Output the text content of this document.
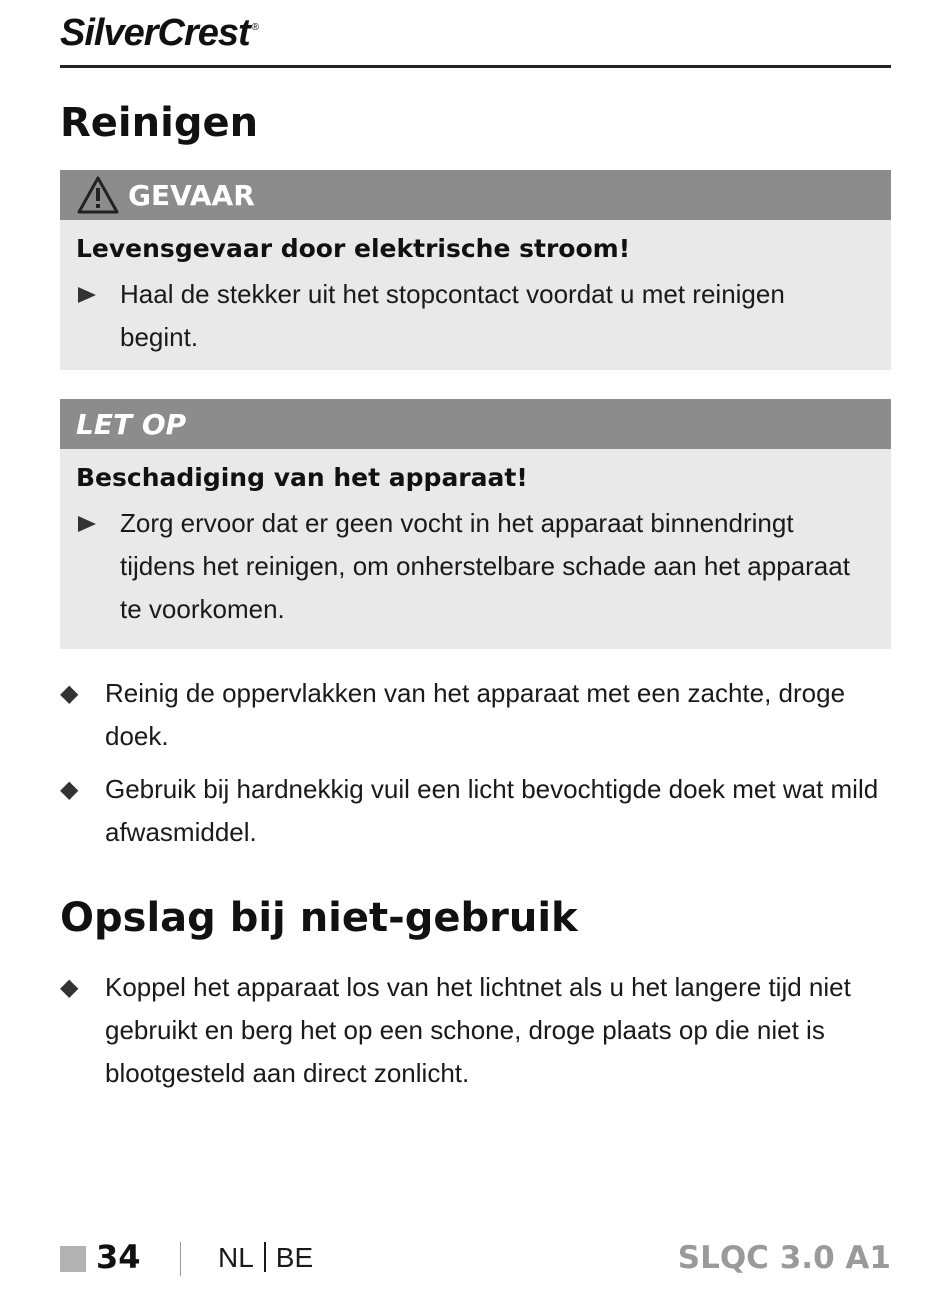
SilverCrest ®
Reinigen
GEVAAR
Levensgevaar door elektrische stroom!
Haal de stekker uit het stopcontact voordat u met reinigen begint.
LET OP
Beschadiging van het apparaat!
Zorg ervoor dat er geen vocht in het apparaat binnendringt tijdens het reinigen, om onherstelbare schade aan het apparaat te voorkomen.
◆ Reinig de oppervlakken van het apparaat met een zachte, droge doek.
◆ Gebruik bij hardnekkig vuil een licht bevochtigde doek met wat mild afwasmiddel.
Opslag bij niet-gebruik
◆ Koppel het apparaat los van het lichtnet als u het langere tijd niet gebruikt en berg het op een schone, droge plaats op die niet is blootgesteld aan direct zonlicht.
34	NL BE	SLQC 3.0 A1
